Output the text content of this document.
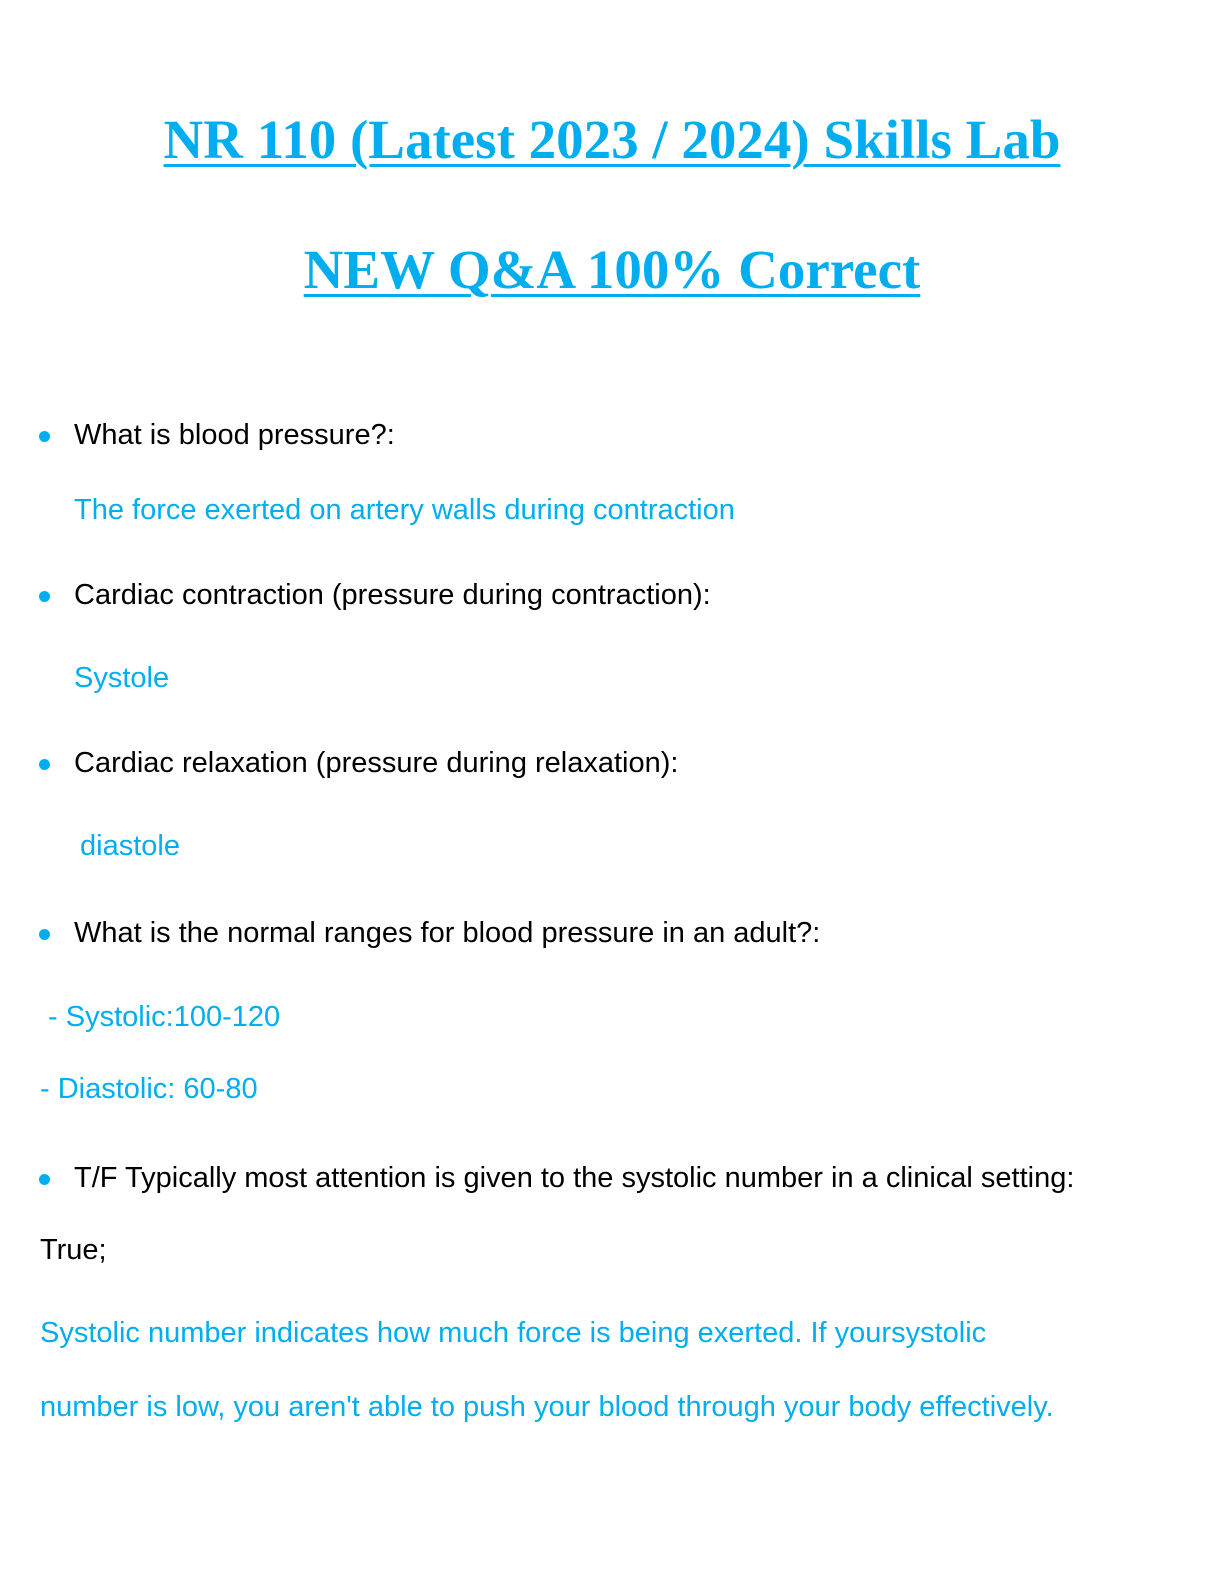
NR 110 (Latest 2023 / 2024) Skills Lab
NEW Q&A 100% Correct

What is blood pressure?:

The force exerted on artery walls during contraction

Cardiac contraction (pressure during contraction):

Systole

Cardiac relaxation (pressure during relaxation):

diastole

What is the normal ranges for blood pressure in an adult?:

- Systolic:100-120

- Diastolic: 60-80

T/F Typically most attention is given to the systolic number in a clinical setting:

True;

Systolic number indicates how much force is being exerted. If yoursystolic

number is low, you aren't able to push your blood through your body effectively.
